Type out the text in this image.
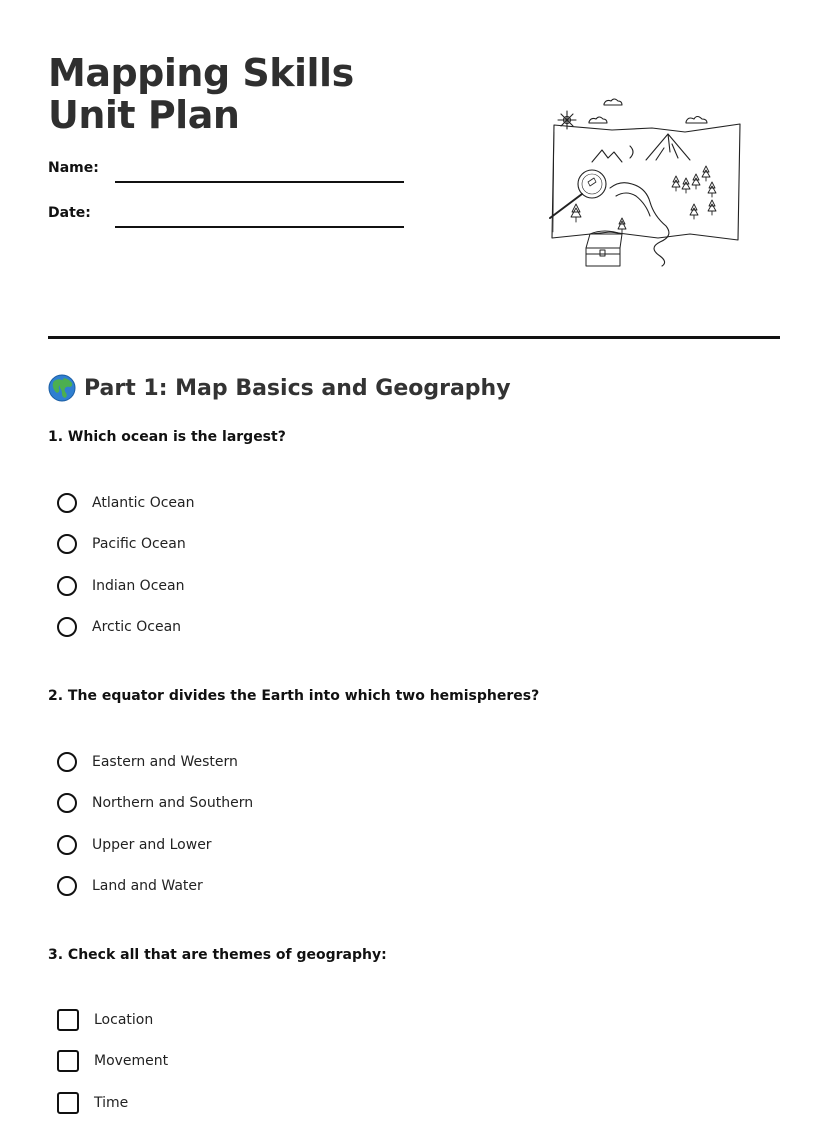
Mapping Skills Unit Plan
Name:
Date:
Part 1: Map Basics and Geography

1. Which ocean is the largest?

Atlantic Ocean
Pacific Ocean
Indian Ocean
Arctic Ocean

2. The equator divides the Earth into which two hemispheres?

Eastern and Western
Northern and Southern
Upper and Lower
Land and Water

3. Check all that are themes of geography:

Location
Movement
Time
